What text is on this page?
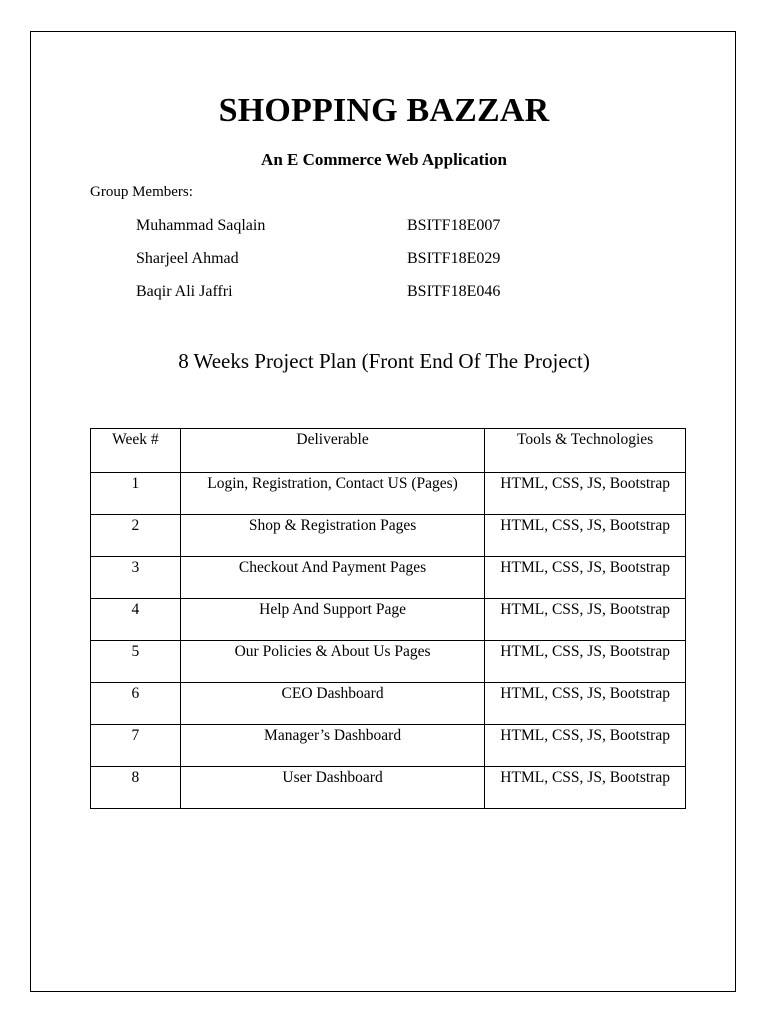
SHOPPING BAZZAR
An E Commerce Web Application
Group Members:
Muhammad Saqlain	BSITF18E007
Sharjeel Ahmad	BSITF18E029
Baqir Ali Jaffri	BSITF18E046
8 Weeks Project Plan (Front End Of The Project)
Week #	Deliverable	Tools & Technologies
1	Login, Registration, Contact US (Pages)	HTML, CSS, JS, Bootstrap
2	Shop & Registration Pages	HTML, CSS, JS, Bootstrap
3	Checkout And Payment Pages	HTML, CSS, JS, Bootstrap
4	Help And Support Page	HTML, CSS, JS, Bootstrap
5	Our Policies & About Us Pages	HTML, CSS, JS, Bootstrap
6	CEO Dashboard	HTML, CSS, JS, Bootstrap
7	Manager’s Dashboard	HTML, CSS, JS, Bootstrap
8	User Dashboard	HTML, CSS, JS, Bootstrap
